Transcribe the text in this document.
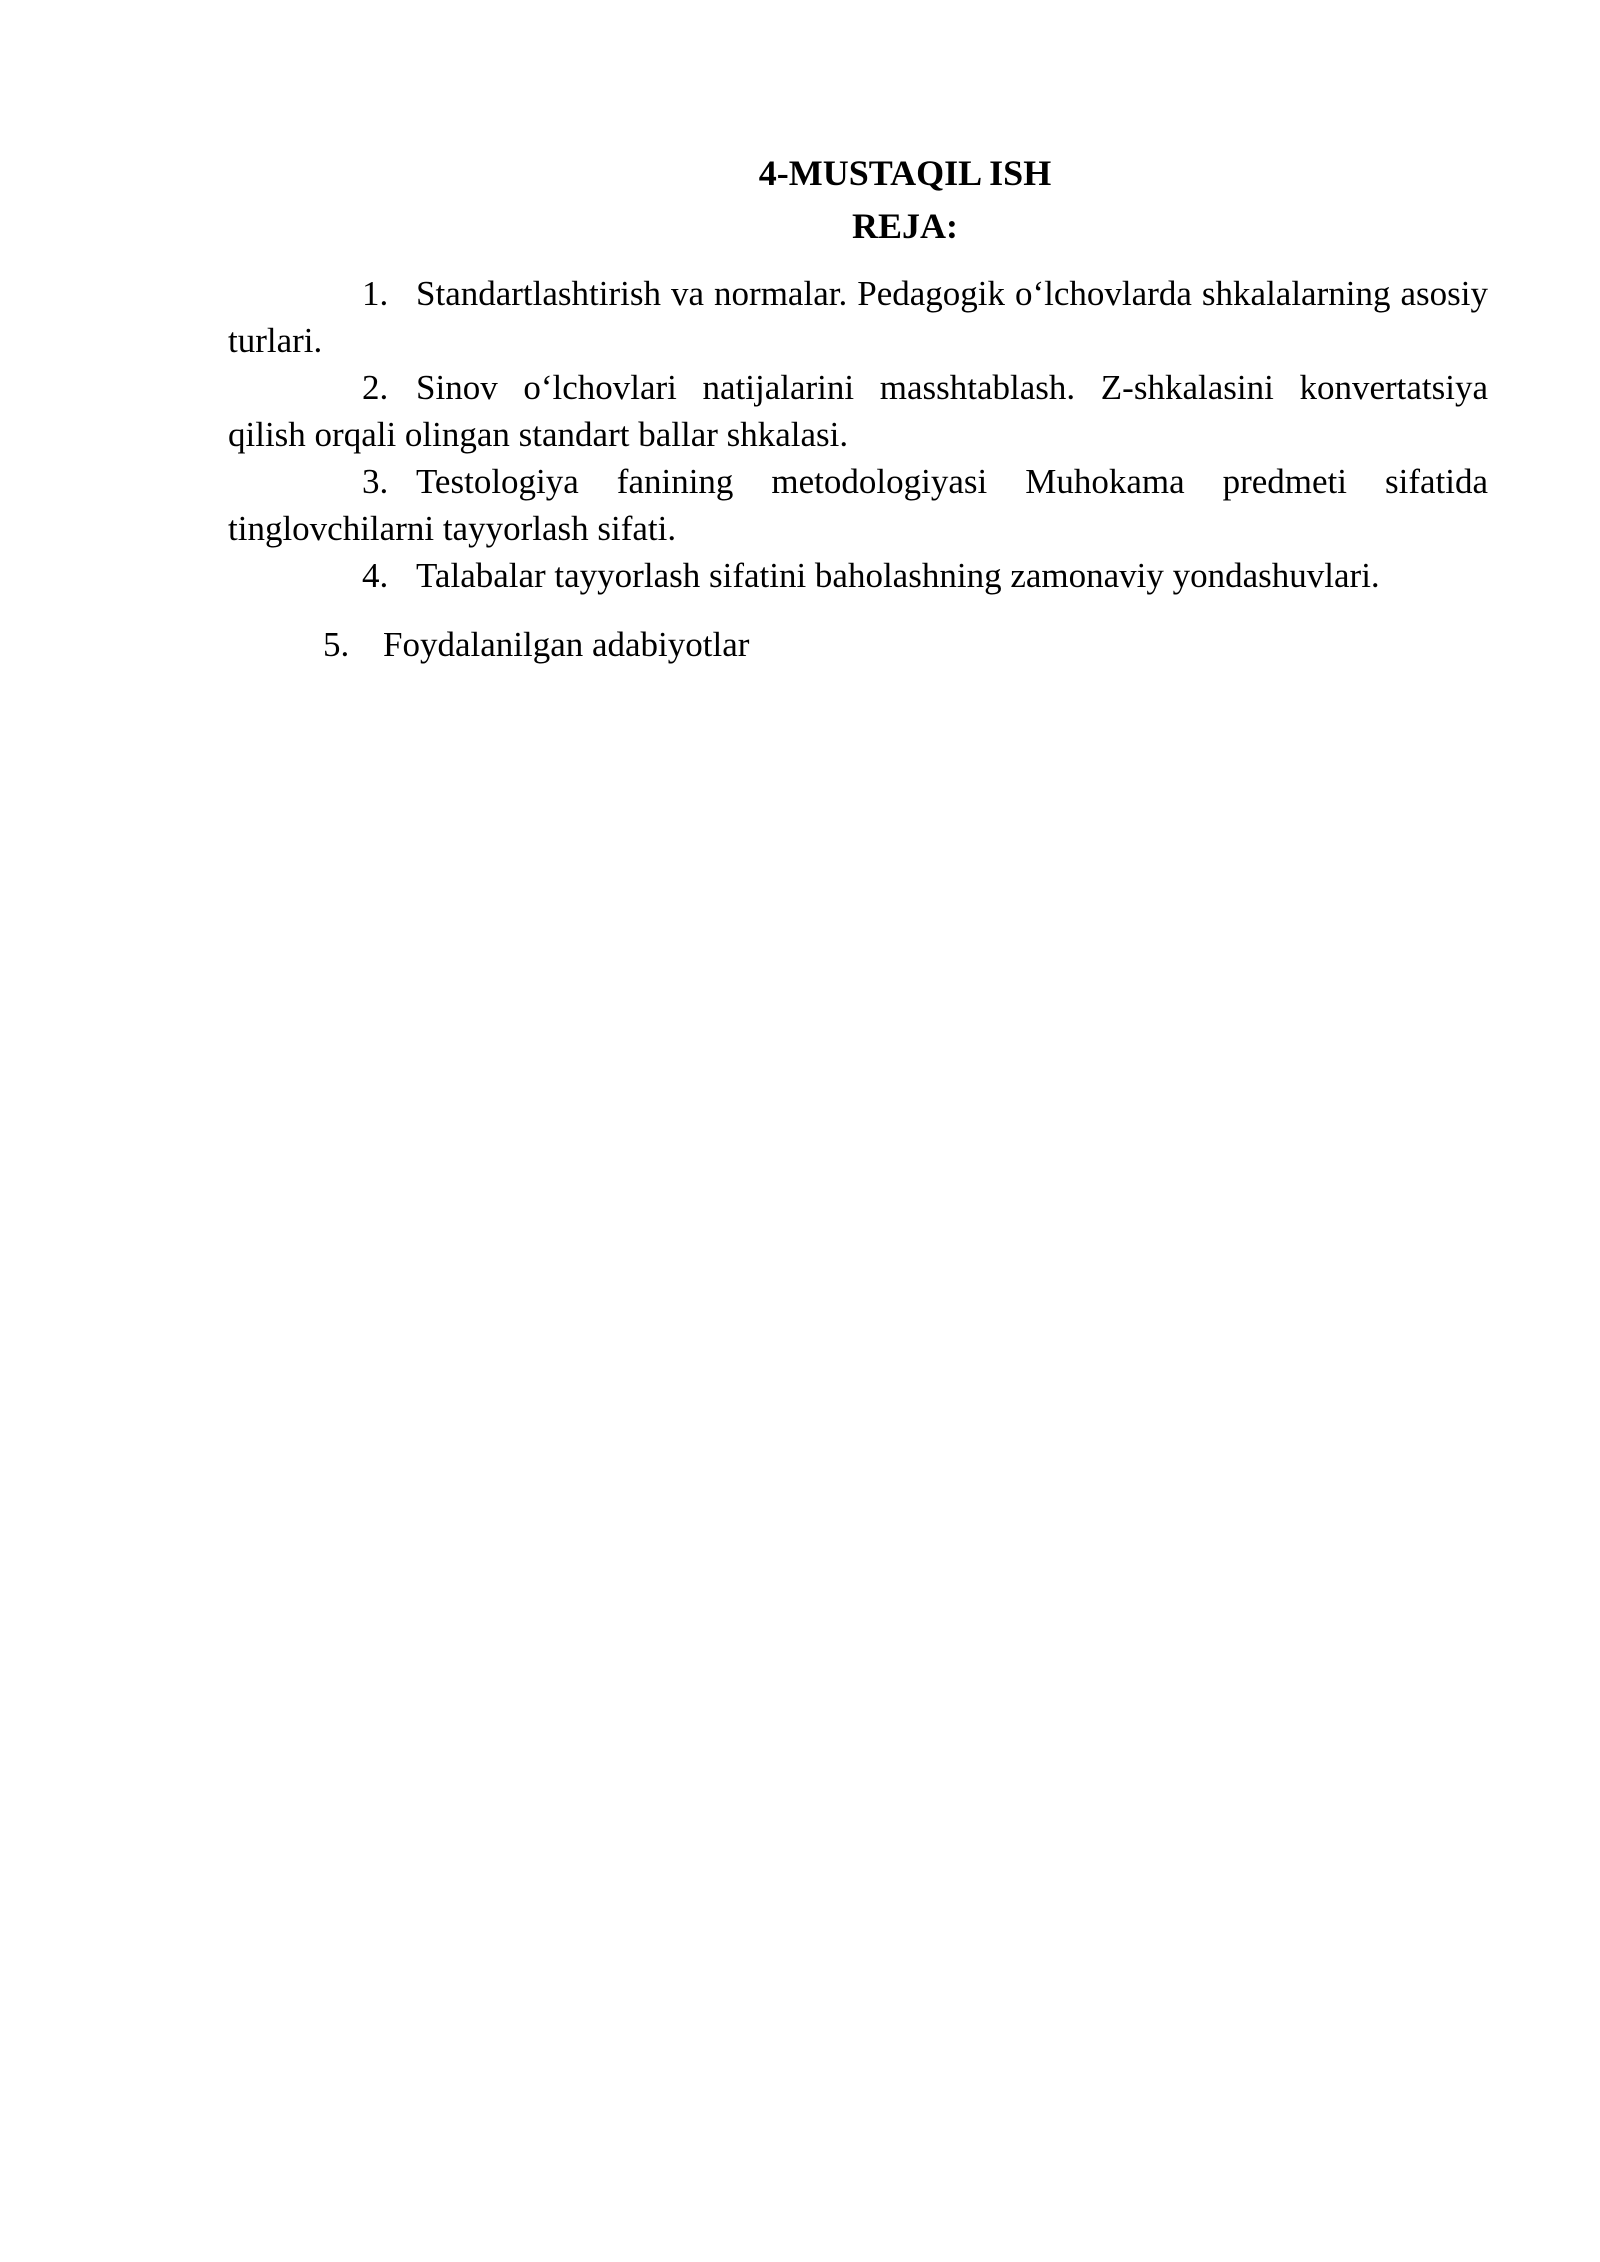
4-MUSTAQIL ISH
REJA:

1. Standartlashtirish va normalar. Pedagogik o‘lchovlarda shkalalarning asosiy turlari.

2. Sinov o‘lchovlari natijalarini masshtablash. Z-shkalasini konvertatsiya qilish orqali olingan standart ballar shkalasi.

3. Testologiya fanining metodologiyasi Muhokama predmeti sifatida tinglovchilarni tayyorlash sifati.

4. Talabalar tayyorlash sifatini baholashning zamonaviy yondashuvlari.

5. Foydalanilgan adabiyotlar
